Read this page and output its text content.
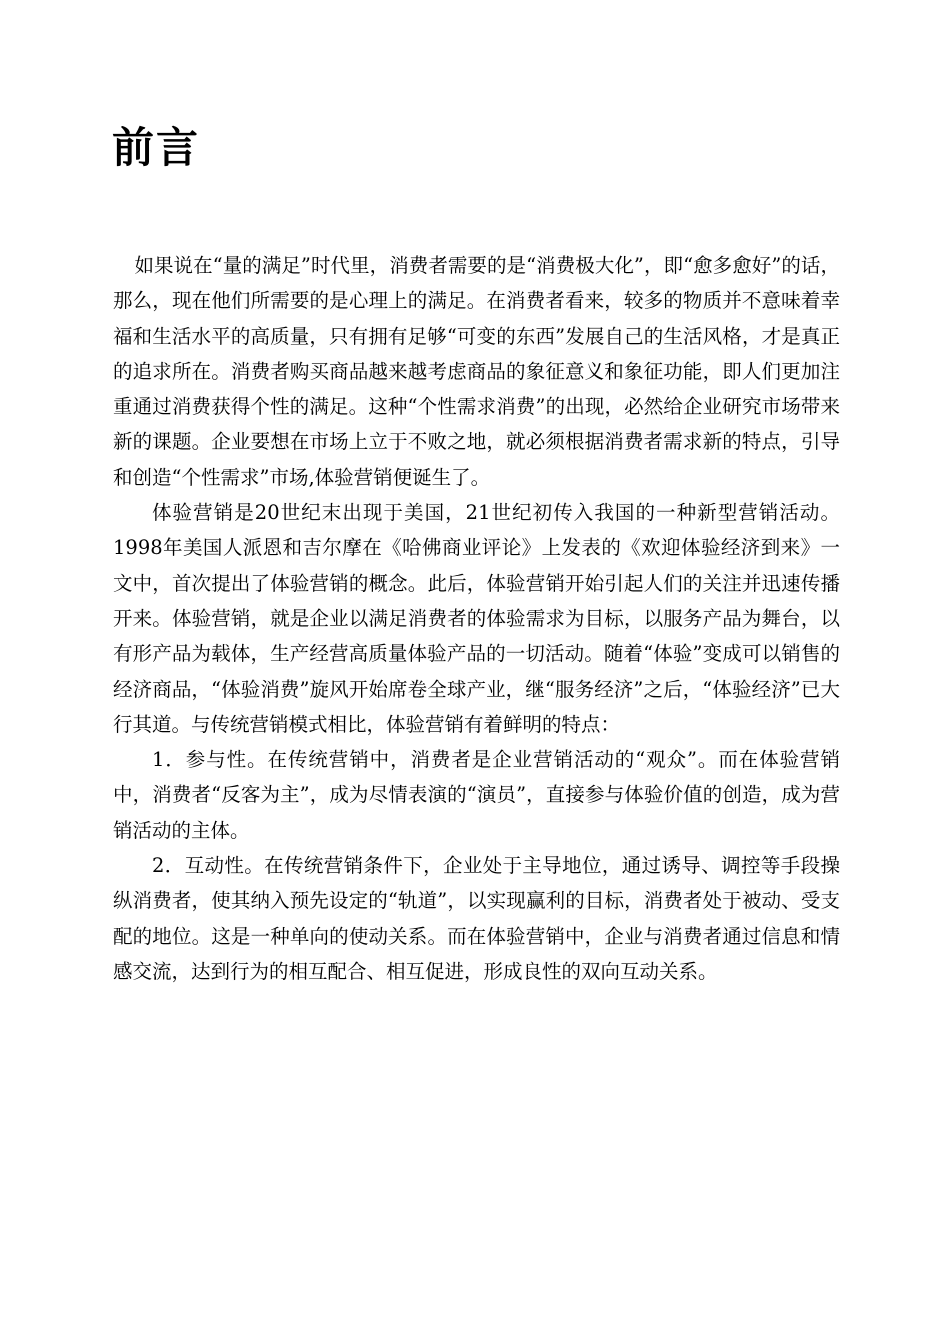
前言

如果说在“量的满足”时代里，消费者需要的是“消费极大化”，即“愈多愈好”的话，那么，现在他们所需要的是心理上的满足。在消费者看来，较多的物质并不意味着幸福和生活水平的高质量，只有拥有足够“可变的东西”发展自己的生活风格，才是真正的追求所在。消费者购买商品越来越考虑商品的象征意义和象征功能，即人们更加注重通过消费获得个性的满足。这种“个性需求消费”的出现，必然给企业研究市场带来新的课题。企业要想在市场上立于不败之地，就必须根据消费者需求新的特点，引导和创造“个性需求”市场,体验营销便诞生了。

体验营销是20世纪末出现于美国，21世纪初传入我国的一种新型营销活动。1998年美国人派恩和吉尔摩在《哈佛商业评论》上发表的《欢迎体验经济到来》一文中，首次提出了体验营销的概念。此后，体验营销开始引起人们的关注并迅速传播开来。体验营销，就是企业以满足消费者的体验需求为目标，以服务产品为舞台，以有形产品为载体，生产经营高质量体验产品的一切活动。随着“体验”变成可以销售的经济商品，“体验消费”旋风开始席卷全球产业，继“服务经济”之后，“体验经济”已大行其道。与传统营销模式相比，体验营销有着鲜明的特点：

1．参与性。在传统营销中，消费者是企业营销活动的“观众”。而在体验营销中，消费者“反客为主”，成为尽情表演的“演员”，直接参与体验价值的创造，成为营销活动的主体。

2．互动性。在传统营销条件下，企业处于主导地位，通过诱导、调控等手段操纵消费者，使其纳入预先设定的“轨道”，以实现赢利的目标，消费者处于被动、受支配的地位。这是一种单向的使动关系。而在体验营销中，企业与消费者通过信息和情感交流，达到行为的相互配合、相互促进，形成良性的双向互动关系。
